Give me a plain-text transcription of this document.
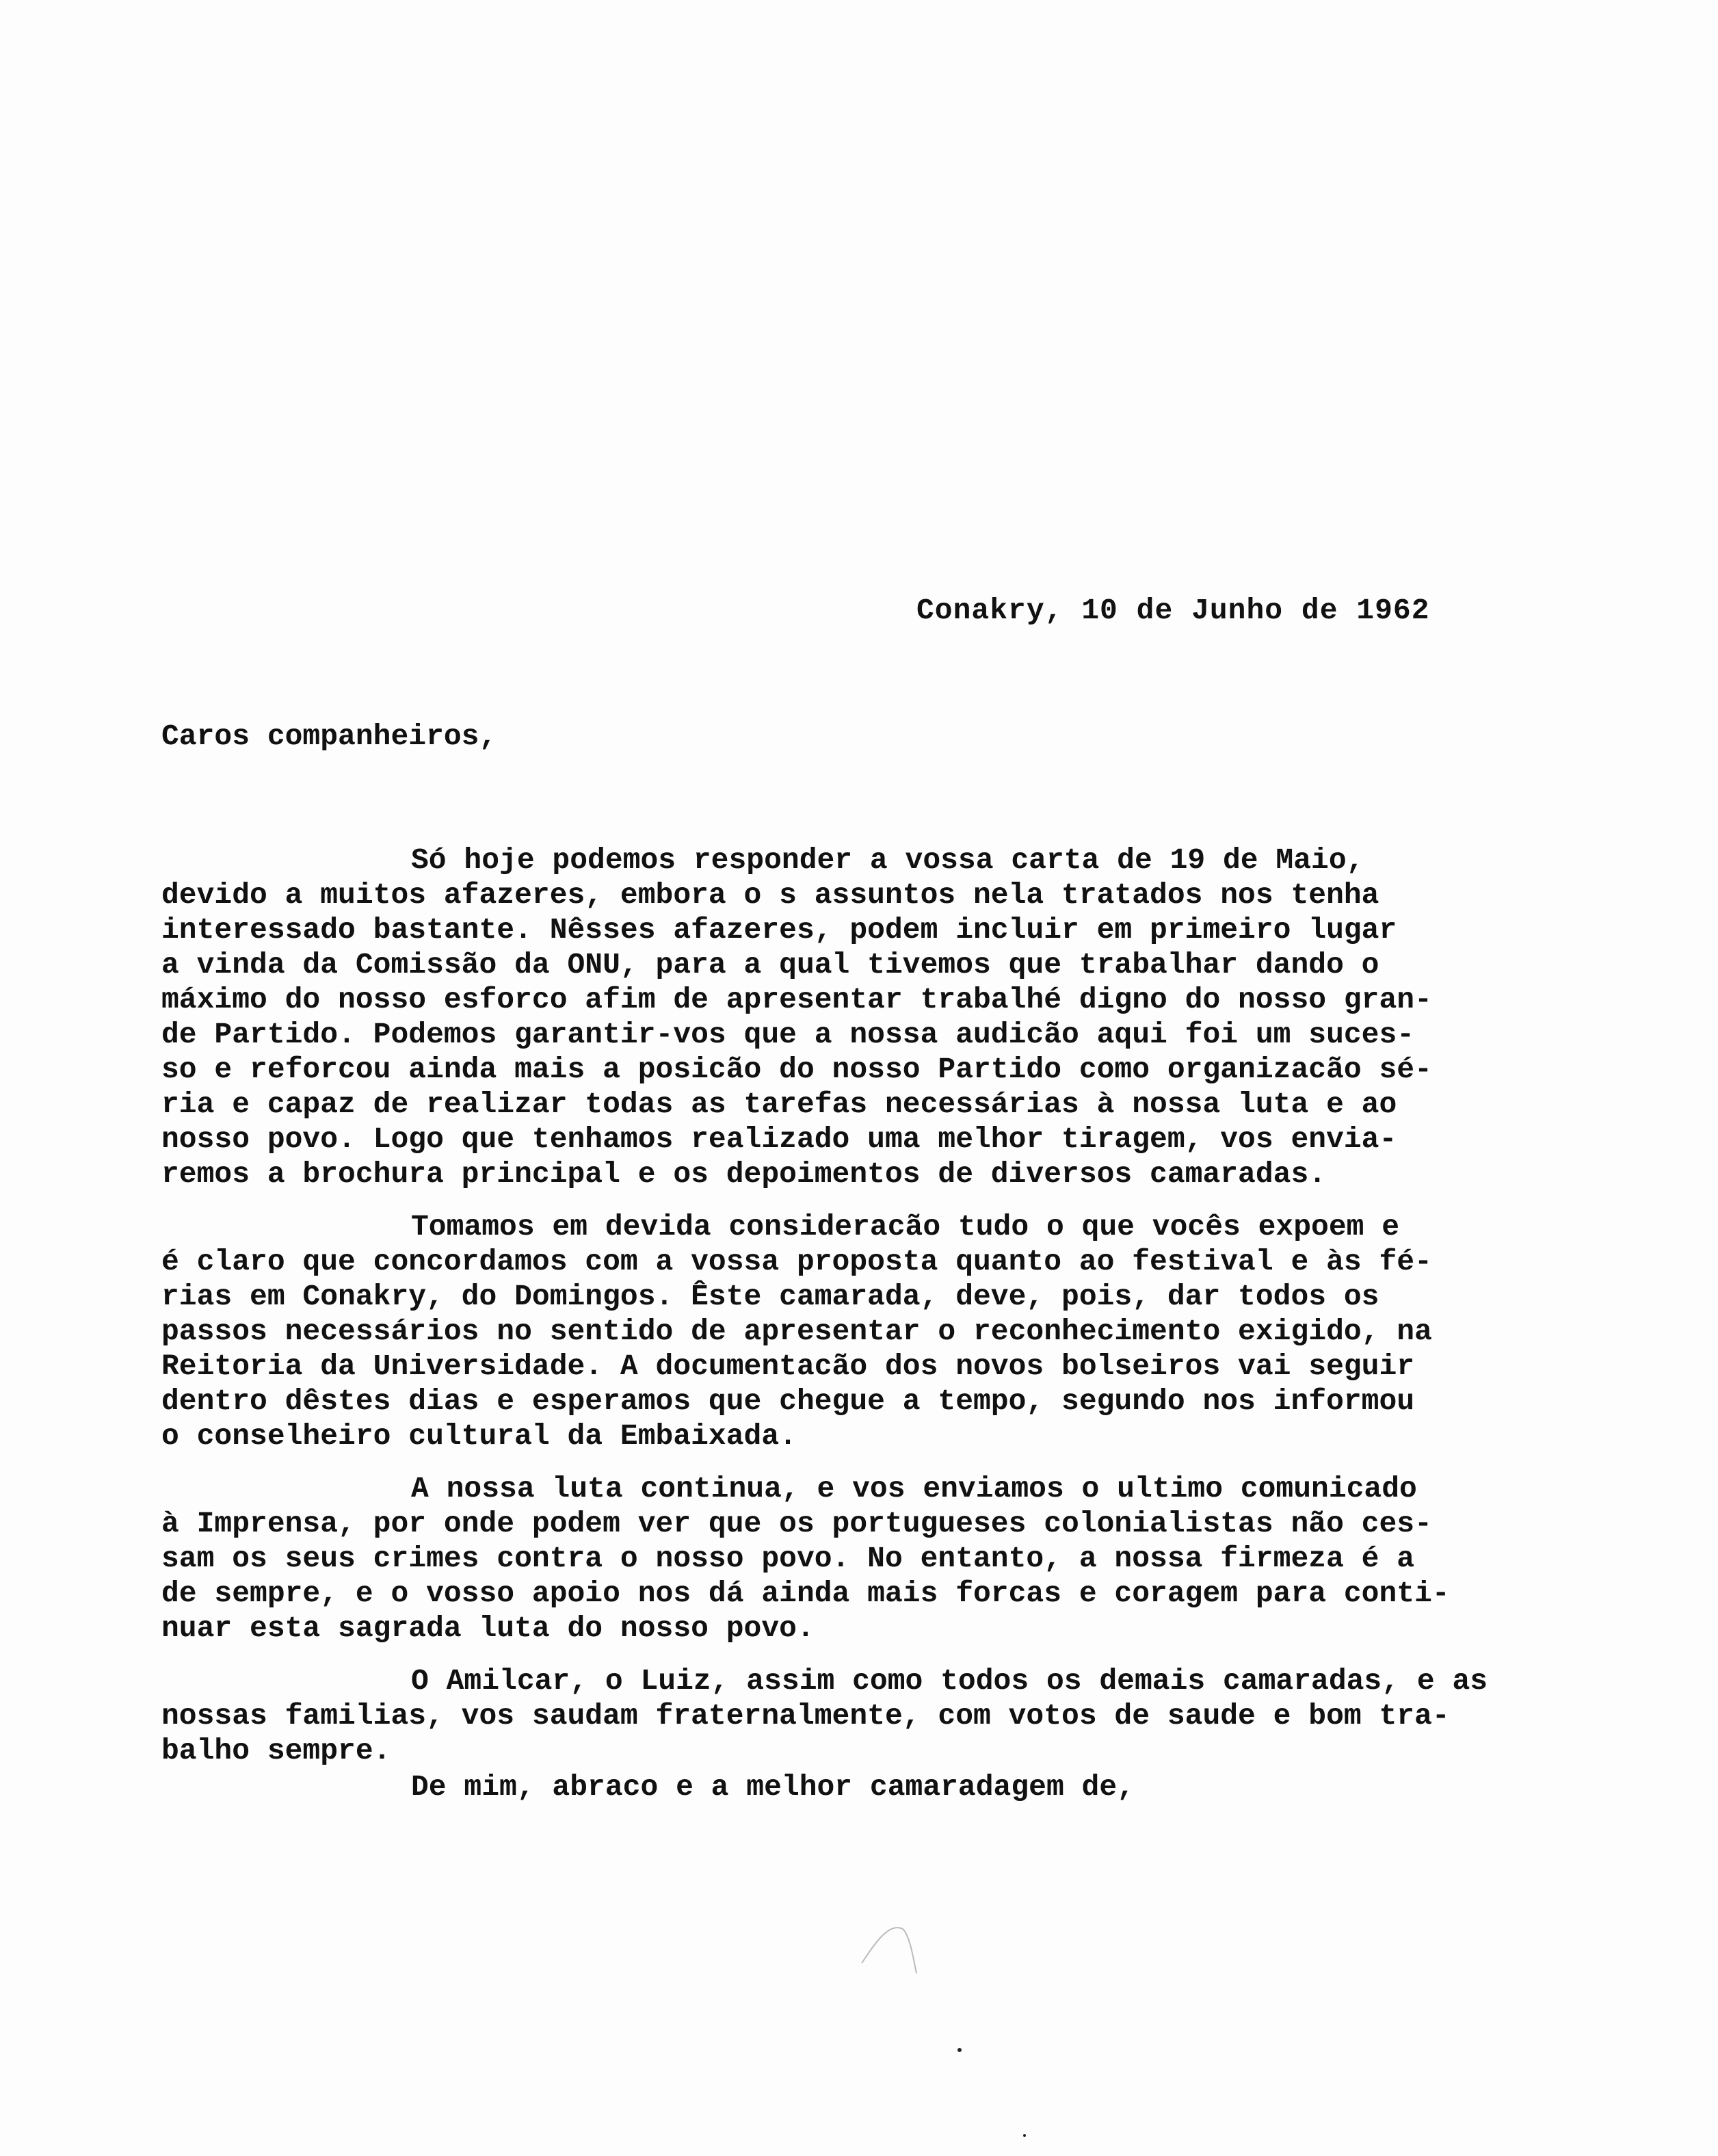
Conakry, 10 de Junho de 1962
Caros companheiros,
Só hoje podemos responder a vossa carta de 19 de Maio,
devido a muitos afazeres, embora o s assuntos nela tratados nos tenha
interessado bastante. Nêsses afazeres, podem incluir em primeiro lugar
a vinda da Comissão da ONU, para a qual tivemos que trabalhar dando o
máximo do nosso esforco afim de apresentar trabalhé digno do nosso gran-
de Partido. Podemos garantir-vos que a nossa audicão aqui foi um suces-
so e reforcou ainda mais a posicão do nosso Partido como organizacão sé-
ria e capaz de realizar todas as tarefas necessárias à nossa luta e ao
nosso povo. Logo que tenhamos realizado uma melhor tiragem, vos envia-
remos a brochura principal e os depoimentos de diversos camaradas.
Tomamos em devida consideracão tudo o que vocês expoem e
é claro que concordamos com a vossa proposta quanto ao festival e às fé-
rias em Conakry, do Domingos. Êste camarada, deve, pois, dar todos os
passos necessários no sentido de apresentar o reconhecimento exigido, na
Reitoria da Universidade. A documentacão dos novos bolseiros vai seguir
dentro dêstes dias e esperamos que chegue a tempo, segundo nos informou
o conselheiro cultural da Embaixada.
A nossa luta continua, e vos enviamos o ultimo comunicado
à Imprensa, por onde podem ver que os portugueses colonialistas não ces-
sam os seus crimes contra o nosso povo. No entanto, a nossa firmeza é a
de sempre, e o vosso apoio nos dá ainda mais forcas e coragem para conti-
nuar esta sagrada luta do nosso povo.
O Amilcar, o Luiz, assim como todos os demais camaradas, e as
nossas familias, vos saudam fraternalmente, com votos de saude e bom tra-
balho sempre.
De mim, abraco e a melhor camaradagem de,
